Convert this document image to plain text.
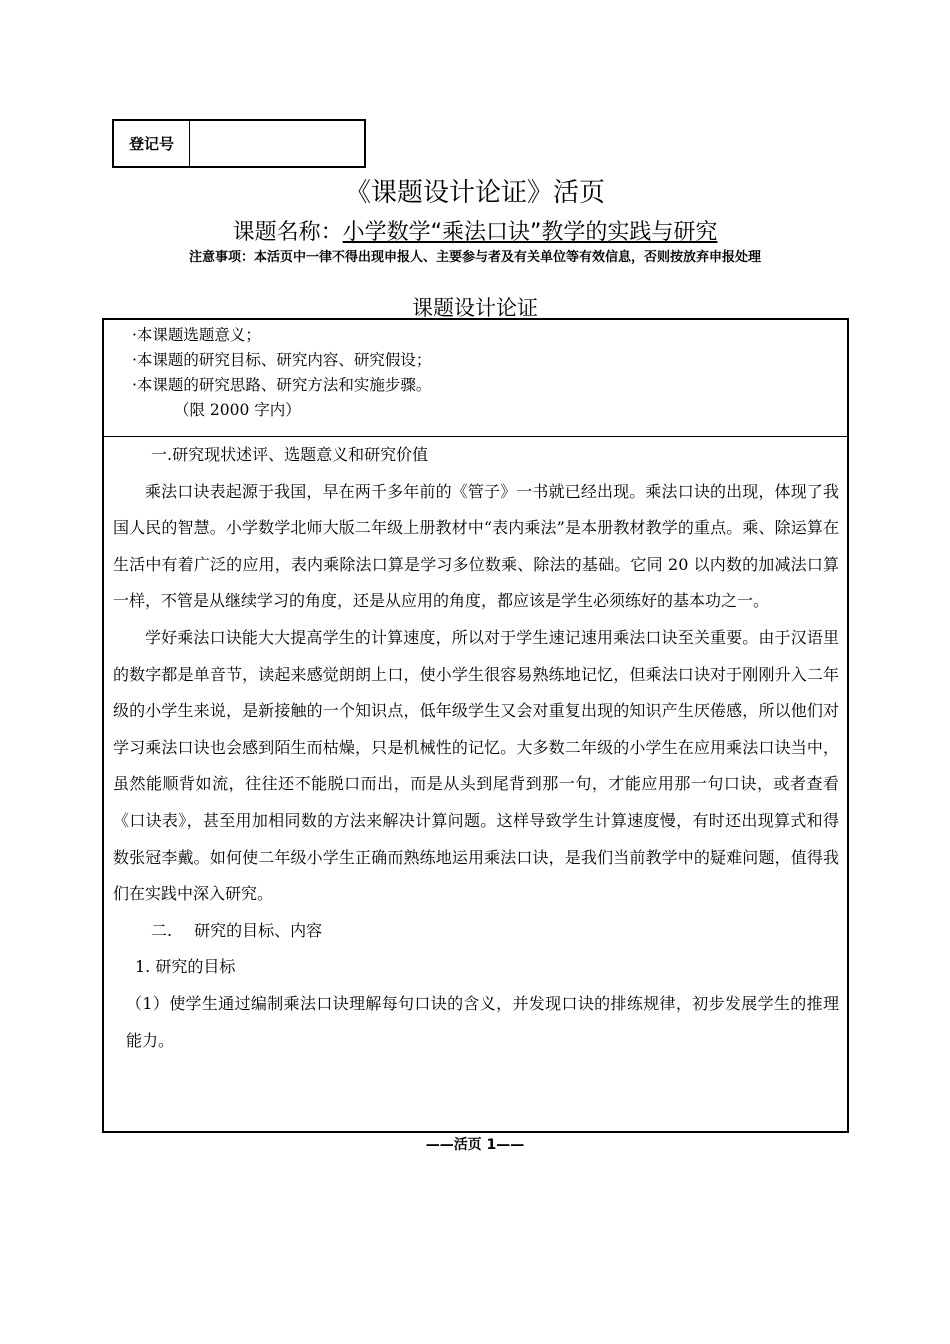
登记号
《课题设计论证》活页
课题名称：小学数学“乘法口诀”教学的实践与研究
注意事项：本活页中一律不得出现申报人、主要参与者及有关单位等有效信息，否则按放弃申报处理
课题设计论证
·本课题选题意义；
·本课题的研究目标、研究内容、研究假设；
·本课题的研究思路、研究方法和实施步骤。
（限 2000 字内）

一.研究现状述评、选题意义和研究价值

乘法口诀表起源于我国，早在两千多年前的《管子》一书就已经出现。乘法口诀的出现，体现了我国人民的智慧。小学数学北师大版二年级上册教材中“表内乘法”是本册教材教学的重点。乘、除运算在生活中有着广泛的应用，表内乘除法口算是学习多位数乘、除法的基础。它同 20 以内数的加减法口算一样，不管是从继续学习的角度，还是从应用的角度，都应该是学生必须练好的基本功之一。

学好乘法口诀能大大提高学生的计算速度，所以对于学生速记速用乘法口诀至关重要。由于汉语里的数字都是单音节，读起来感觉朗朗上口，使小学生很容易熟练地记忆，但乘法口诀对于刚刚升入二年级的小学生来说，是新接触的一个知识点，低年级学生又会对重复出现的知识产生厌倦感，所以他们对学习乘法口诀也会感到陌生而枯燥，只是机械性的记忆。大多数二年级的小学生在应用乘法口诀当中，虽然能顺背如流，往往还不能脱口而出，而是从头到尾背到那一句，才能应用那一句口诀，或者查看《口诀表》，甚至用加相同数的方法来解决计算问题。这样导致学生计算速度慢，有时还出现算式和得数张冠李戴。如何使二年级小学生正确而熟练地运用乘法口诀，是我们当前教学中的疑难问题，值得我们在实践中深入研究。

二. 研究的目标、内容

1. 研究的目标

（1）使学生通过编制乘法口诀理解每句口诀的含义，并发现口诀的排练规律，初步发展学生的推理能力。

——活页 1——
